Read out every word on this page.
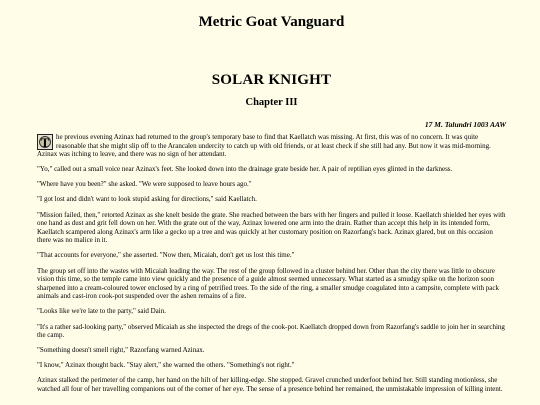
Metric Goat Vanguard
SOLAR KNIGHT
Chapter III
17 M. Talundri 1003 AAW

T he previous evening Azinax had returned to the group's temporary base to find that Kaellatch was missing. At first, this was of no concern. It was quite reasonable that she might slip off to the Arancalen undercity to catch up with old friends, or at least check if she still had any. But now it was mid-morning. Azinax was itching to leave, and there was no sign of her attendant.

"Yo," called out a small voice near Azinax's feet. She looked down into the drainage grate beside her. A pair of reptilian eyes glinted in the darkness.

"Where have you been?" she asked. "We were supposed to leave hours ago."

"I got lost and didn't want to look stupid asking for directions," said Kaellatch.

"Mission failed, then," retorted Azinax as she knelt beside the grate. She reached between the bars with her fingers and pulled it loose. Kaellatch shielded her eyes with one hand as dust and grit fell down on her. With the grate out of the way, Azinax lowered one arm into the drain. Rather than accept this help in its intended form, Kaellatch scampered along Azinax's arm like a gecko up a tree and was quickly at her customary position on Razorfang's back. Azinax glared, but on this occasion there was no malice in it.

"That accounts for everyone," she asserted. "Now then, Micaiah, don't get us lost this time."

The group set off into the wastes with Micaiah leading the way. The rest of the group followed in a cluster behind her. Other than the city there was little to obscure vision this time, so the temple came into view quickly and the presence of a guide almost seemed unnecessary. What started as a smudgy spike on the horizon soon sharpened into a cream-coloured tower enclosed by a ring of petrified trees. To the side of the ring, a smaller smudge coagulated into a campsite, complete with pack animals and cast-iron cook-pot suspended over the ashen remains of a fire.

"Looks like we're late to the party," said Dain.

"It's a rather sad-looking party," observed Micaiah as she inspected the dregs of the cook-pot. Kaellatch dropped down from Razorfang's saddle to join her in searching the camp.

"Something doesn't smell right," Razorfang warned Azinax.

"I know," Azinax thought back. "Stay alert," she warned the others. "Something's not right."

Azinax stalked the perimeter of the camp, her hand on the hilt of her killing-edge. She stopped. Gravel crunched underfoot behind her. Still standing motionless, she watched all four of her travelling companions out of the corner of her eye. The sense of a presence behind her remained, the unmistakable impression of killing intent.
